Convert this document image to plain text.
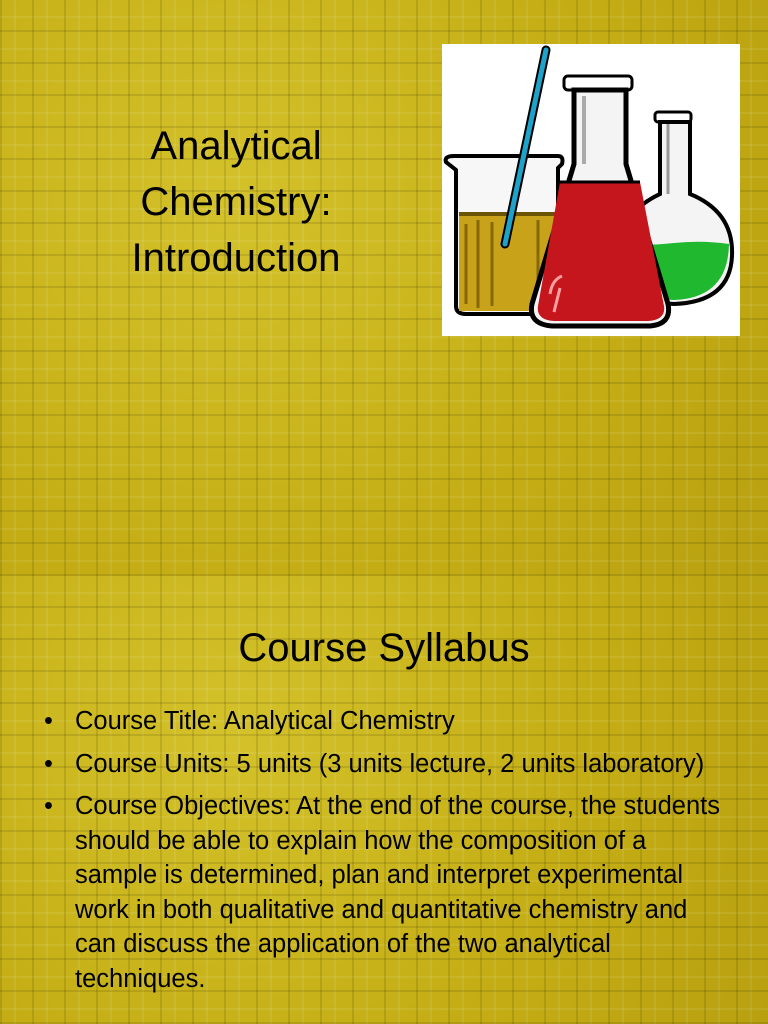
Analytical
Chemistry:
Introduction
Course Syllabus
• Course Title: Analytical Chemistry
• Course Units: 5 units (3 units lecture, 2 units laboratory)
• Course Objectives: At the end of the course, the students should be able to explain how the composition of a sample is determined, plan and interpret experimental work in both qualitative and quantitative chemistry and can discuss the application of the two analytical techniques.
